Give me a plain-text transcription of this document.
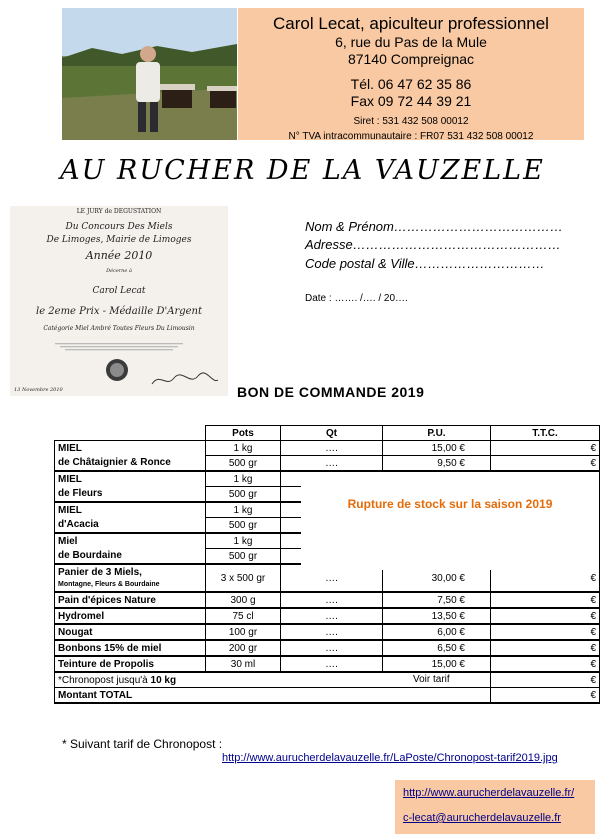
Carol Lecat, apiculteur professionnel
6, rue du Pas de la Mule
87140 Compreignac
Tél. 06 47 62 35 86
Fax 09 72 44 39 21
Siret : 531 432 508 00012
N° TVA intracommunautaire : FR07 531 432 508 00012
AU RUCHER DE LA VAUZELLE
LE JURY de DEGUSTATION
Du Concours Des Miels
De Limoges, Mairie de Limoges
Année 2010
Décerne à
Carol Lecat
le 2eme Prix - Médaille D'Argent
Catégorie Miel Ambré Toutes Fleurs Du Limousin
13 Novembre 2010
Nom & Prénom…………………………………
Adresse…………………………………………
Code postal & Ville…………………………
Date : ……. /…. / 20….
BON DE COMMANDE 2019
	Pots	Qt	P.U.	T.T.C.
MIEL	1 kg	….	15,00 €	€
de Châtaignier & Ronce	500 gr	….	9,50 €	€
MIEL	1 kg			
de Fleurs	500 gr			
MIEL	1 kg			
d'Acacia	500 gr			
Miel	1 kg			
de Bourdaine	500 gr			
Panier de 3 Miels,
Montagne, Fleurs & Bourdaine	3 x 500 gr	….	30,00 €	€
Pain d'épices Nature	300 g	….	7,50 €	€
Hydromel	75 cl	….	13,50 €	€
Nougat	100 gr	….	6,00 €	€
Bonbons 15% de miel	200 gr	….	6,50 €	€
Teinture de Propolis	30 ml	….	15,00 €	€
*Chronopost jusqu'à 10 kg Voir tarif				€
Montant TOTAL				€
Rupture de stock sur la saison 2019
* Suivant tarif de Chronopost :
http://www.aurucherdelavauzelle.fr/LaPoste/Chronopost-tarif2019.jpg
http://www.aurucherdelavauzelle.fr/
c-lecat@aurucherdelavauzelle.fr
